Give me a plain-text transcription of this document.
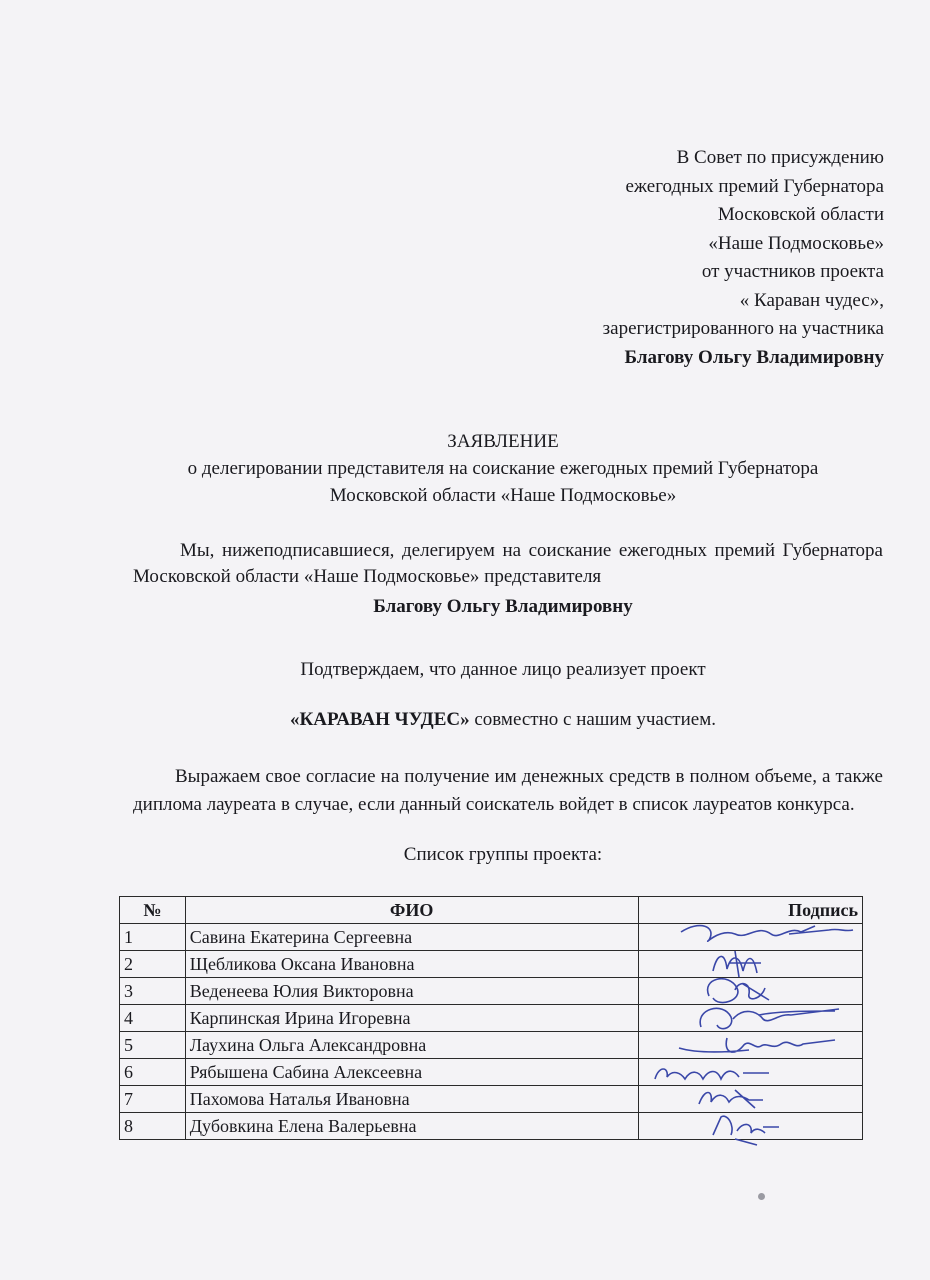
В Совет по присуждению
ежегодных премий Губернатора
Московской области
«Наше Подмосковье»
от участников проекта
« Караван чудес»,
зарегистрированного на участника
Благову Ольгу Владимировну
ЗАЯВЛЕНИЕ
о делегировании представителя на соискание ежегодных премий Губернатора
Московской области «Наше Подмосковье»
Мы, нижеподписавшиеся, делегируем на соискание ежегодных премий Губернатора Московской области «Наше Подмосковье» представителя
Благову Ольгу Владимировну
Подтверждаем, что данное лицо реализует проект
«КАРАВАН ЧУДЕС» совместно с нашим участием.
Выражаем свое согласие на получение им денежных средств в полном объеме, а также диплома лауреата в случае, если данный соискатель войдет в список лауреатов конкурса.
Список группы проекта:
№	ФИО	Подпись
1	Савина Екатерина Сергеевна	

2	Щебликова Оксана Ивановна	

3	Веденеева Юлия Викторовна	

4	Карпинская Ирина Игоревна	

5	Лаухина Ольга Александровна	

6	Рябышена Сабина Алексеевна	

7	Пахомова Наталья Ивановна	

8	Дубовкина Елена Валерьевна	
